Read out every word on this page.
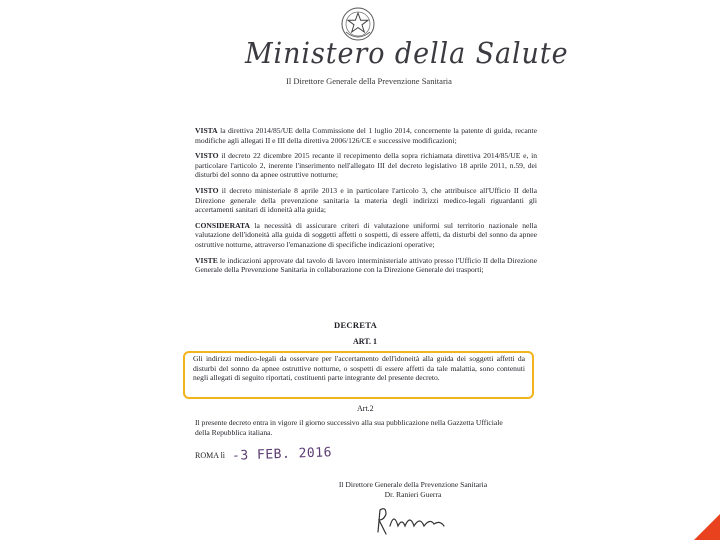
Ministero della Salute
Il Direttore Generale della Prevenzione Sanitaria

VISTA la direttiva 2014/85/UE della Commissione del 1 luglio 2014, concernente la patente di guida, recante modifiche agli allegati II e III della direttiva 2006/126/CE e successive modificazioni;

VISTO il decreto 22 dicembre 2015 recante il recepimento della sopra richiamata direttiva 2014/85/UE e, in particolare l'articolo 2, inerente l'inserimento nell'allegato III del decreto legislativo 18 aprile 2011, n.59, dei disturbi del sonno da apnee ostruttive notturne;

VISTO il decreto ministeriale 8 aprile 2013 e in particolare l'articolo 3, che attribuisce all'Ufficio II della Direzione generale della prevenzione sanitaria la materia degli indirizzi medico-legali riguardanti gli accertamenti sanitari di idoneità alla guida;

CONSIDERATA la necessità di assicurare criteri di valutazione uniformi sul territorio nazionale nella valutazione dell'idoneità alla guida di soggetti affetti o sospetti, di essere affetti, da disturbi del sonno da apnee ostruttive notturne, attraverso l'emanazione di specifiche indicazioni operative;

VISTE le indicazioni approvate dal tavolo di lavoro interministeriale attivato presso l'Ufficio II della Direzione Generale della Prevenzione Sanitaria in collaborazione con la Direzione Generale dei trasporti;

DECRETA
ART. 1
Gli indirizzi medico-legali da osservare per l'accertamento dell'idoneità alla guida dei soggetti affetti da disturbi del sonno da apnee ostruttive notturne, o sospetti di essere affetti da tale malattia, sono contenuti negli allegati di seguito riportati, costituenti parte integrante del presente decreto.
Art.2
Il presente decreto entra in vigore il giorno successivo alla sua pubblicazione nella Gazzetta Ufficiale della Repubblica italiana.
ROMA lì -3 FEB. 2016
Il Direttore Generale della Prevenzione Sanitaria
Dr. Ranieri Guerra
